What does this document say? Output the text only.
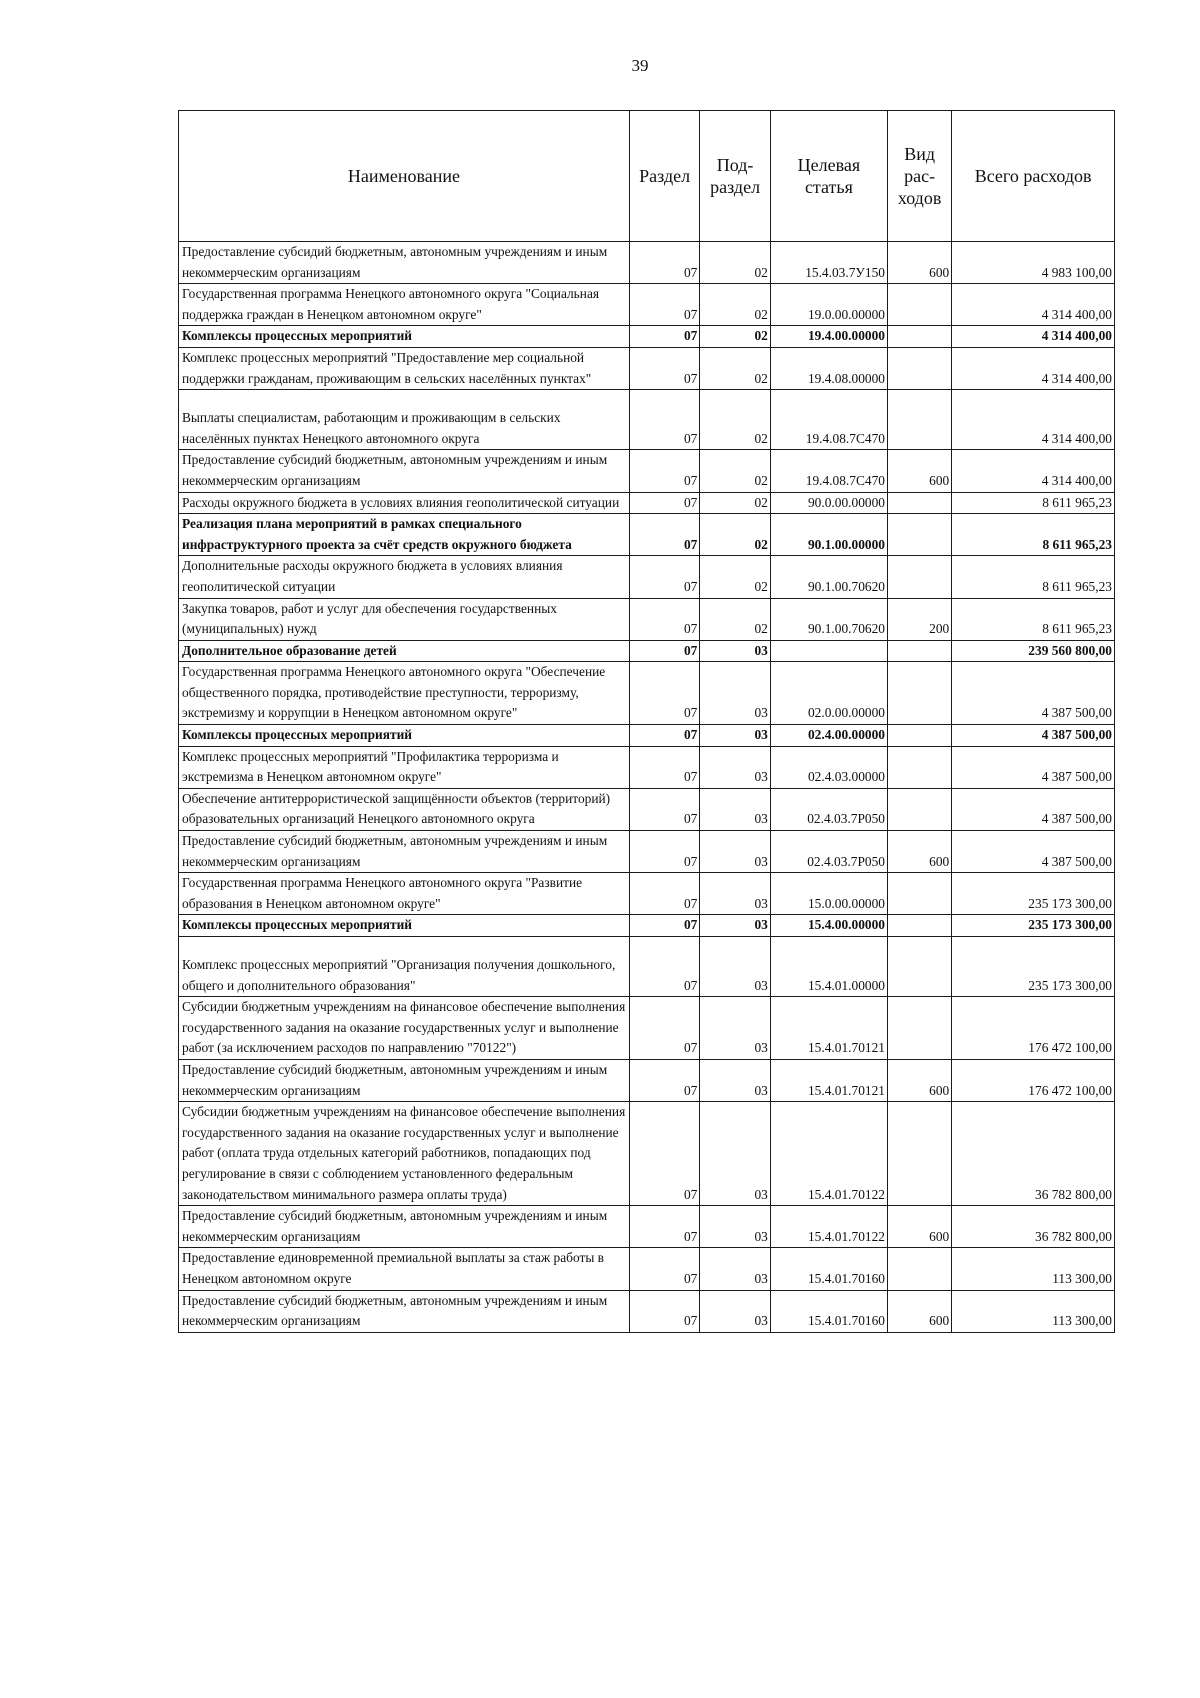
39
Наименование	Раздел	Под-раздел	Целевая статья	Вид рас-ходов	Всего расходов
Предоставление субсидий бюджетным, автономным учреждениям и иным некоммерческим организациям	07	02	15.4.03.7У150	600	4 983 100,00
Государственная программа Ненецкого автономного округа "Социальная поддержка граждан в Ненецком автономном округе"	07	02	19.0.00.00000		4 314 400,00
Комплексы процессных мероприятий	07	02	19.4.00.00000		4 314 400,00
Комплекс процессных мероприятий "Предоставление мер социальной поддержки гражданам, проживающим в сельских населённых пунктах"	07	02	19.4.08.00000		4 314 400,00
Выплаты специалистам, работающим и проживающим в сельских населённых пунктах Ненецкого автономного округа	07	02	19.4.08.7С470		4 314 400,00
Предоставление субсидий бюджетным, автономным учреждениям и иным некоммерческим организациям	07	02	19.4.08.7С470	600	4 314 400,00
Расходы окружного бюджета в условиях влияния геополитической ситуации	07	02	90.0.00.00000		8 611 965,23
Реализация плана мероприятий в рамках специального инфраструктурного проекта за счёт средств окружного бюджета	07	02	90.1.00.00000		8 611 965,23
Дополнительные расходы окружного бюджета в условиях влияния геополитической ситуации	07	02	90.1.00.70620		8 611 965,23
Закупка товаров, работ и услуг для обеспечения государственных (муниципальных) нужд	07	02	90.1.00.70620	200	8 611 965,23
Дополнительное образование детей	07	03			239 560 800,00
Государственная программа Ненецкого автономного округа "Обеспечение общественного порядка, противодействие преступности, терроризму, экстремизму и коррупции в Ненецком автономном округе"	07	03	02.0.00.00000		4 387 500,00
Комплексы процессных мероприятий	07	03	02.4.00.00000		4 387 500,00
Комплекс процессных мероприятий "Профилактика терроризма и экстремизма в Ненецком автономном округе"	07	03	02.4.03.00000		4 387 500,00
Обеспечение антитеррористической защищённости объектов (территорий) образовательных организаций Ненецкого автономного округа	07	03	02.4.03.7Р050		4 387 500,00
Предоставление субсидий бюджетным, автономным учреждениям и иным некоммерческим организациям	07	03	02.4.03.7Р050	600	4 387 500,00
Государственная программа Ненецкого автономного округа "Развитие образования в Ненецком автономном округе"	07	03	15.0.00.00000		235 173 300,00
Комплексы процессных мероприятий	07	03	15.4.00.00000		235 173 300,00
Комплекс процессных мероприятий "Организация получения дошкольного, общего и дополнительного образования"	07	03	15.4.01.00000		235 173 300,00
Субсидии бюджетным учреждениям на финансовое обеспечение выполнения государственного задания на оказание государственных услуг и выполнение работ (за исключением расходов по направлению "70122")	07	03	15.4.01.70121		176 472 100,00
Предоставление субсидий бюджетным, автономным учреждениям и иным некоммерческим организациям	07	03	15.4.01.70121	600	176 472 100,00
Субсидии бюджетным учреждениям на финансовое обеспечение выполнения государственного задания на оказание государственных услуг и выполнение работ (оплата труда отдельных категорий работников, попадающих под регулирование в связи с соблюдением установленного федеральным законодательством минимального размера оплаты труда)	07	03	15.4.01.70122		36 782 800,00
Предоставление субсидий бюджетным, автономным учреждениям и иным некоммерческим организациям	07	03	15.4.01.70122	600	36 782 800,00
Предоставление единовременной премиальной выплаты за стаж работы в Ненецком автономном округе	07	03	15.4.01.70160		113 300,00
Предоставление субсидий бюджетным, автономным учреждениям и иным некоммерческим организациям	07	03	15.4.01.70160	600	113 300,00
